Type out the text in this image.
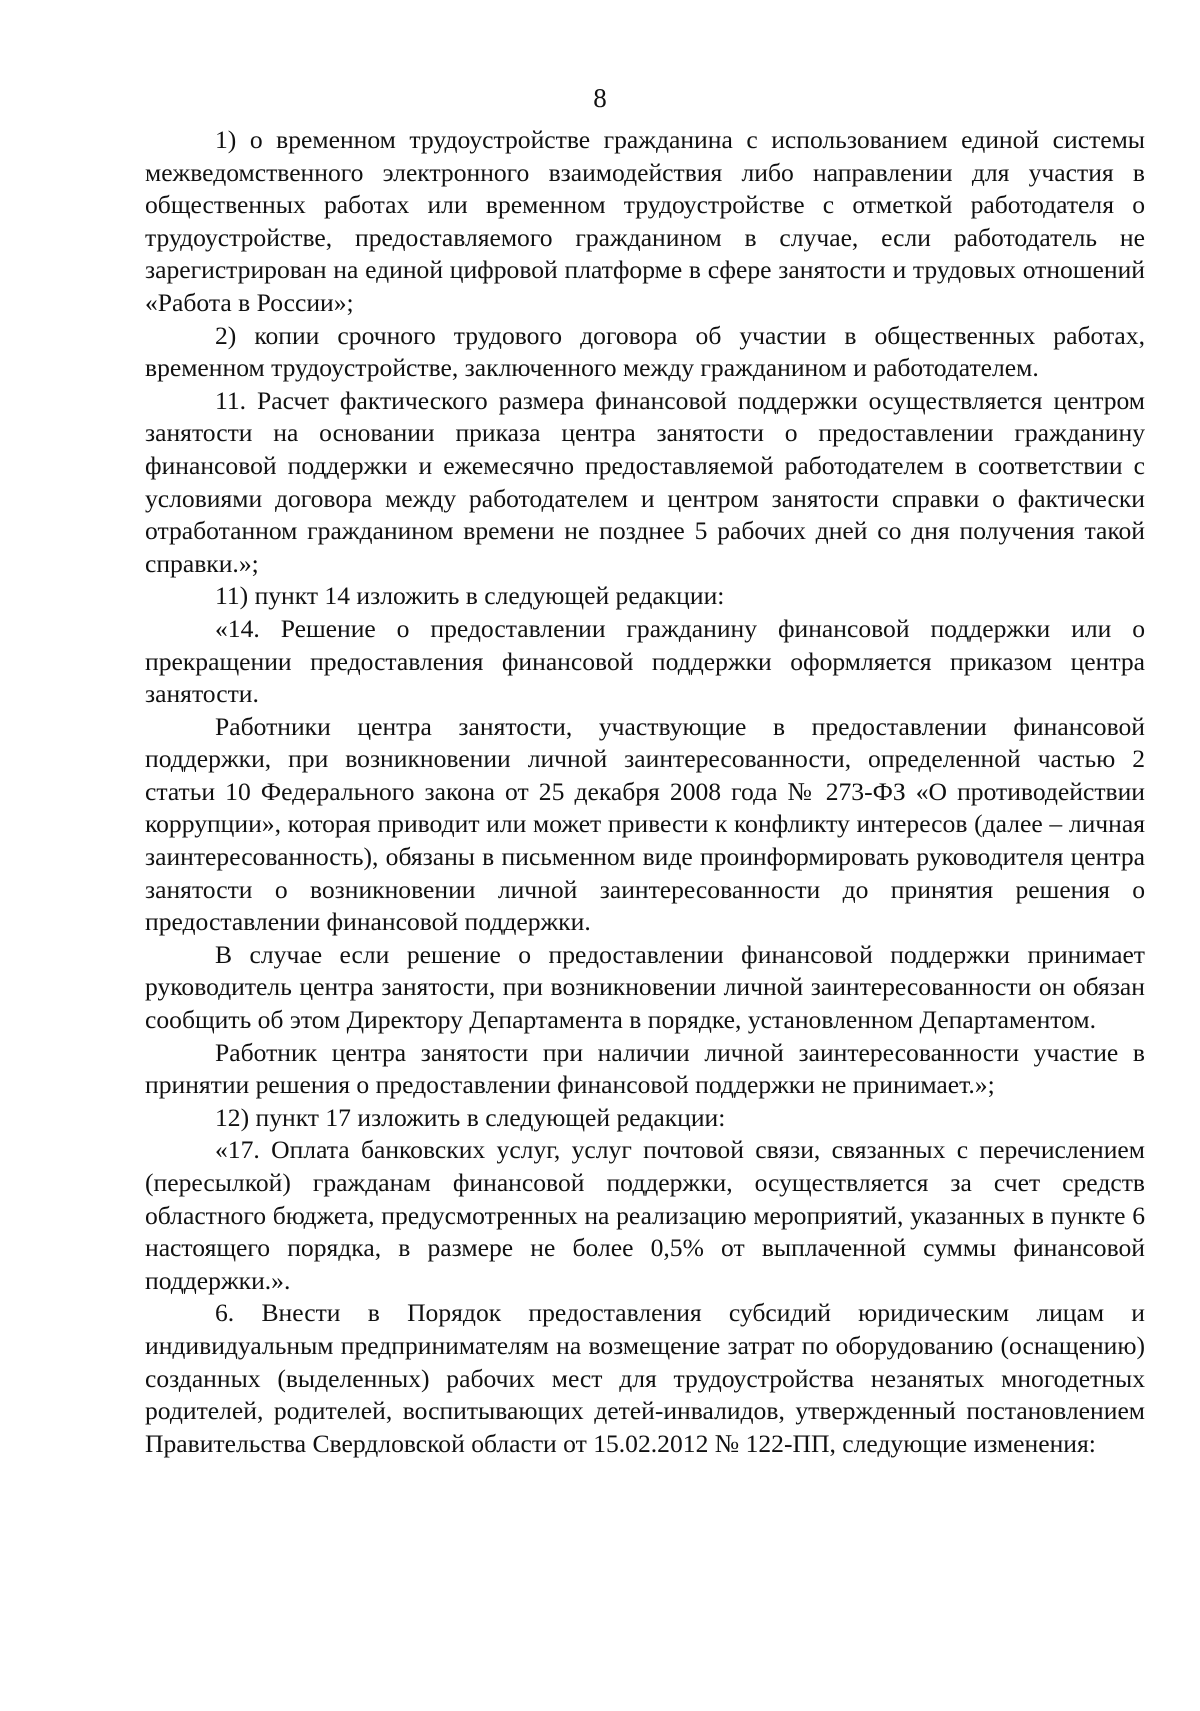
8

1) о временном трудоустройстве гражданина с использованием единой системы межведомственного электронного взаимодействия либо направлении для участия в общественных работах или временном трудоустройстве с отметкой работодателя о трудоустройстве, предоставляемого гражданином в случае, если работодатель не зарегистрирован на единой цифровой платформе в сфере занятости и трудовых отношений «Работа в России»;

2) копии срочного трудового договора об участии в общественных работах, временном трудоустройстве, заключенного между гражданином и работодателем.

11. Расчет фактического размера финансовой поддержки осуществляется центром занятости на основании приказа центра занятости о предоставлении гражданину финансовой поддержки и ежемесячно предоставляемой работодателем в соответствии с условиями договора между работодателем и центром занятости справки о фактически отработанном гражданином времени не позднее 5 рабочих дней со дня получения такой справки.»;

11) пункт 14 изложить в следующей редакции:

«14. Решение о предоставлении гражданину финансовой поддержки или о прекращении предоставления финансовой поддержки оформляется приказом центра занятости.

Работники центра занятости, участвующие в предоставлении финансовой поддержки, при возникновении личной заинтересованности, определенной частью 2 статьи 10 Федерального закона от 25 декабря 2008 года № 273-ФЗ «О противодействии коррупции», которая приводит или может привести к конфликту интересов (далее – личная заинтересованность), обязаны в письменном виде проинформировать руководителя центра занятости о возникновении личной заинтересованности до принятия решения о предоставлении финансовой поддержки.

В случае если решение о предоставлении финансовой поддержки принимает руководитель центра занятости, при возникновении личной заинтересованности он обязан сообщить об этом Директору Департамента в порядке, установленном Департаментом.

Работник центра занятости при наличии личной заинтересованности участие в принятии решения о предоставлении финансовой поддержки не принимает.»;

12) пункт 17 изложить в следующей редакции:

«17. Оплата банковских услуг, услуг почтовой связи, связанных с перечислением (пересылкой) гражданам финансовой поддержки, осуществляется за счет средств областного бюджета, предусмотренных на реализацию мероприятий, указанных в пункте 6 настоящего порядка, в размере не более 0,5% от выплаченной суммы финансовой поддержки.».

6. Внести в Порядок предоставления субсидий юридическим лицам и индивидуальным предпринимателям на возмещение затрат по оборудованию (оснащению) созданных (выделенных) рабочих мест для трудоустройства незанятых многодетных родителей, родителей, воспитывающих детей-инвалидов, утвержденный постановлением Правительства Свердловской области от 15.02.2012 № 122-ПП, следующие изменения:
